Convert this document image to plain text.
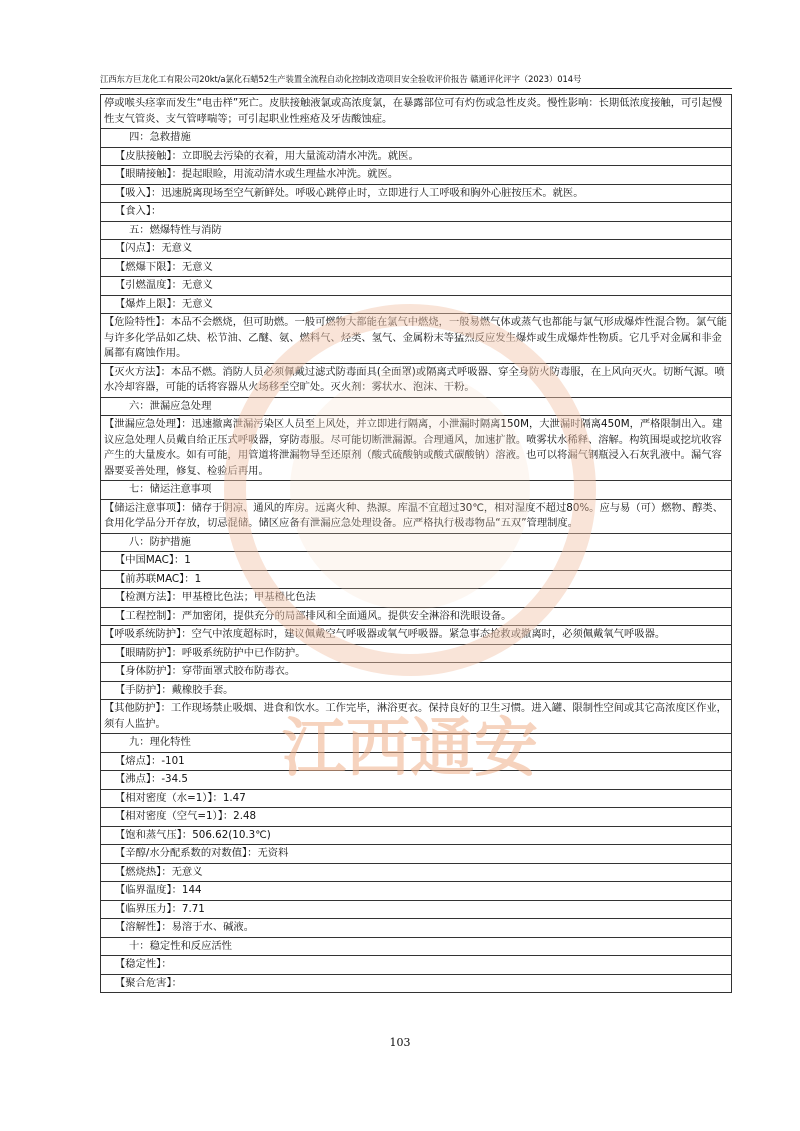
江西东方巨龙化工有限公司20kt/a氯化石蜡52生产装置全流程自动化控制改造项目安全验收评价报告 赣通评化评字（2023）014号
停或喉头痉挛而发生“电击样”死亡。皮肤接触液氯或高浓度氯，在暴露部位可有灼伤或急性皮炎。慢性影响：长期低浓度接触，可引起慢性支气管炎、支气管哮喘等；可引起职业性痤疮及牙齿酸蚀症。
四：急救措施
【皮肤接触】：立即脱去污染的衣着，用大量流动清水冲洗。就医。
【眼睛接触】：提起眼睑，用流动清水或生理盐水冲洗。就医。
【吸入】：迅速脱离现场至空气新鲜处。呼吸心跳停止时，立即进行人工呼吸和胸外心脏按压术。就医。
【食入】：
五：燃爆特性与消防
【闪点】：无意义
【燃爆下限】：无意义
【引燃温度】：无意义
【爆炸上限】：无意义
【危险特性】：本品不会燃烧，但可助燃。一般可燃物大都能在氯气中燃烧，一般易燃气体或蒸气也都能与氯气形成爆炸性混合物。氯气能与许多化学品如乙炔、松节油、乙醚、氨、燃料气、烃类、氢气、金属粉末等猛烈反应发生爆炸或生成爆炸性物质。它几乎对金属和非金属都有腐蚀作用。
【灭火方法】：本品不燃。消防人员必须佩戴过滤式防毒面具(全面罩)或隔离式呼吸器、穿全身防火防毒服，在上风向灭火。切断气源。喷水冷却容器，可能的话将容器从火场移至空旷处。灭火剂：雾状水、泡沫、干粉。
六：泄漏应急处理
【泄漏应急处理】：迅速撤离泄漏污染区人员至上风处，并立即进行隔离，小泄漏时隔离150M，大泄漏时隔离450M，严格限制出入。建议应急处理人员戴自给正压式呼吸器，穿防毒服。尽可能切断泄漏源。合理通风，加速扩散。喷雾状水稀释、溶解。构筑围堤或挖坑收容产生的大量废水。如有可能，用管道将泄漏物导至还原剂（酸式硫酸钠或酸式碳酸钠）溶液。也可以将漏气钢瓶浸入石灰乳液中。漏气容器要妥善处理，修复、检验后再用。
七：储运注意事项
【储运注意事项】：储存于阴凉、通风的库房。远离火种、热源。库温不宜超过30℃，相对湿度不超过80%。应与易（可）燃物、醇类、食用化学品分开存放，切忌混储。储区应备有泄漏应急处理设备。应严格执行极毒物品“五双”管理制度。
八：防护措施
【中国MAC】：1
【前苏联MAC】：1
【检测方法】：甲基橙比色法；甲基橙比色法
【工程控制】：严加密闭，提供充分的局部排风和全面通风。提供安全淋浴和洗眼设备。
【呼吸系统防护】：空气中浓度超标时，建议佩戴空气呼吸器或氧气呼吸器。紧急事态抢救或撤离时，必须佩戴氧气呼吸器。
【眼睛防护】：呼吸系统防护中已作防护。
【身体防护】：穿带面罩式胶布防毒衣。
【手防护】：戴橡胶手套。
【其他防护】：工作现场禁止吸烟、进食和饮水。工作完毕，淋浴更衣。保持良好的卫生习惯。进入罐、限制性空间或其它高浓度区作业，须有人监护。
九：理化特性
【熔点】：-101
【沸点】：-34.5
【相对密度（水=1）】：1.47
【相对密度（空气=1）】：2.48
【饱和蒸气压】：506.62(10.3℃)
【辛醇/水分配系数的对数值】：无资料
【燃烧热】：无意义
【临界温度】：144
【临界压力】：7.71
【溶解性】：易溶于水、碱液。
十：稳定性和反应活性
【稳定性】：
【聚合危害】：
江西通安
103
